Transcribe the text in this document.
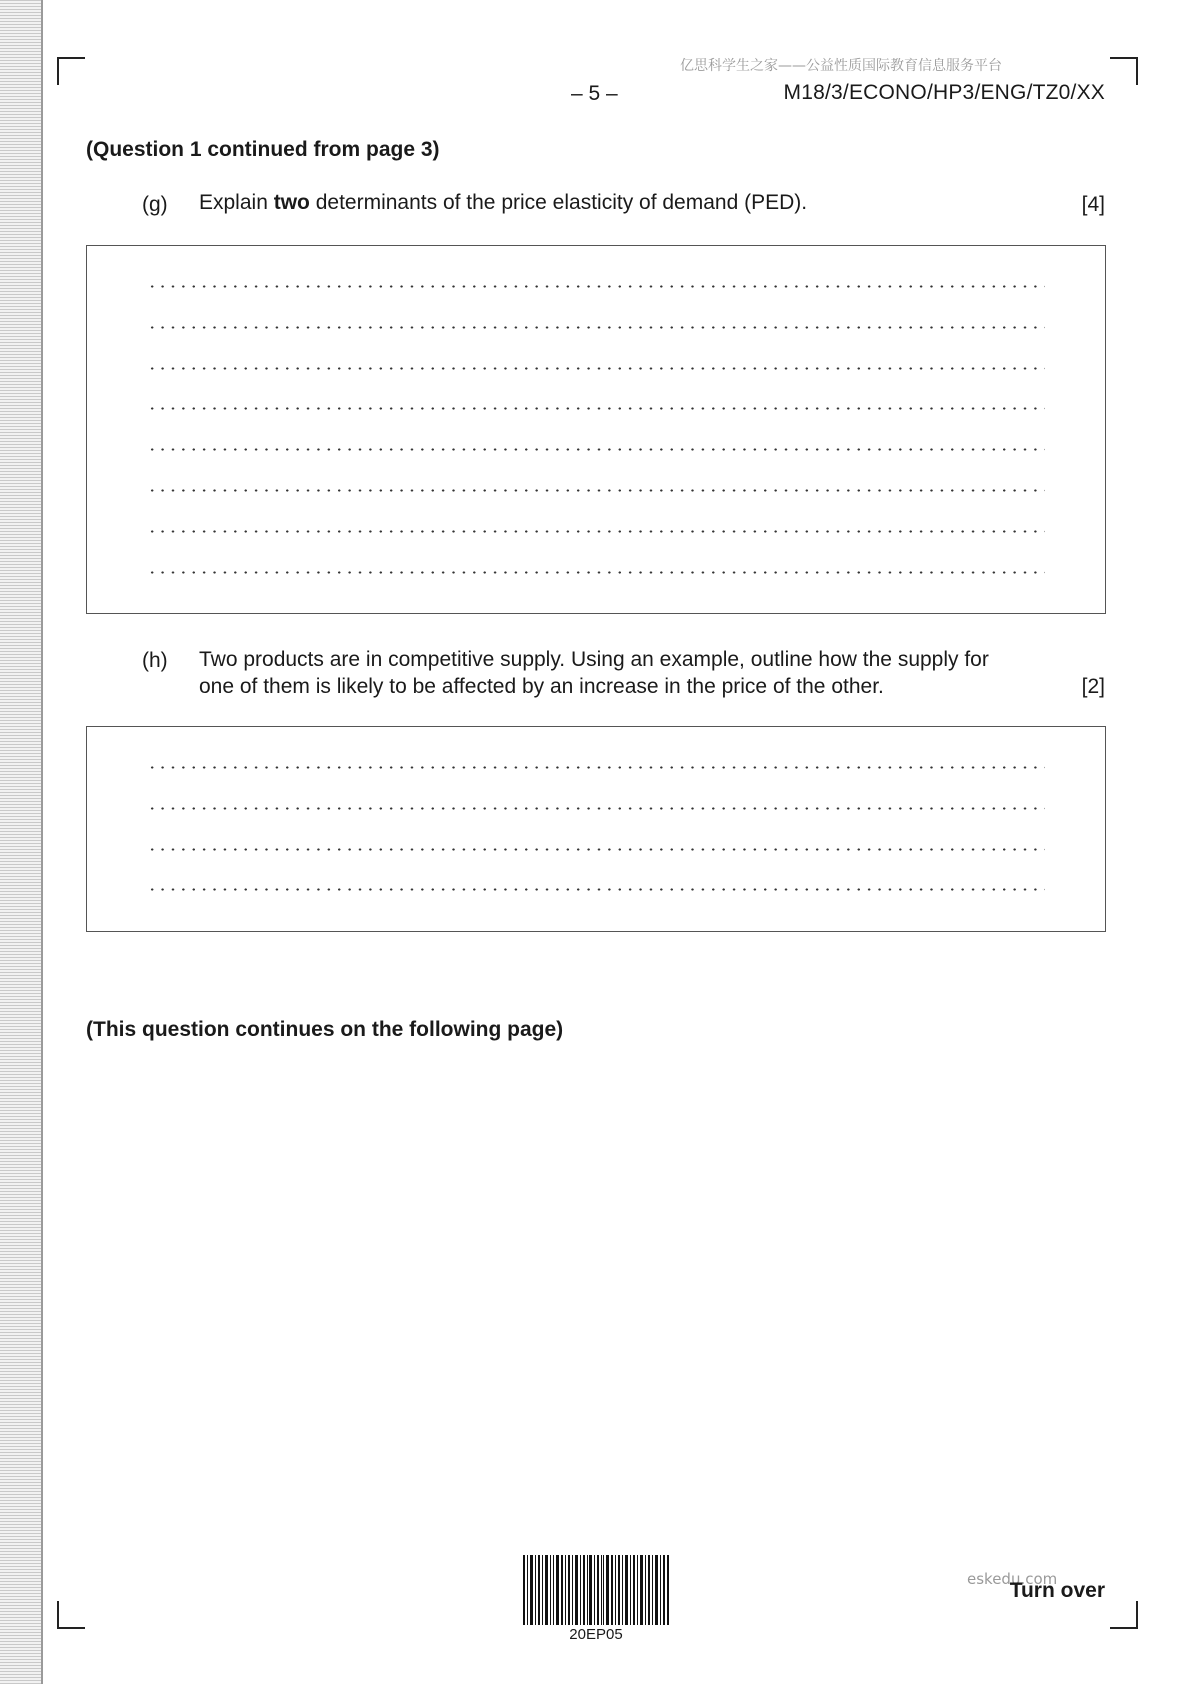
亿思科学生之家——公益性质国际教育信息服务平台
– 5 –	M18/3/ECONO/HP3/ENG/TZ0/XX
(Question 1 continued from page 3)
(g) Explain two determinants of the price elasticity of demand (PED).	[4]
(h) Two products are in competitive supply. Using an example, outline how the supply for
one of them is likely to be affected by an increase in the price of the other.	[2]
(This question continues on the following page)
20EP05
eskedu.com
Turn over
